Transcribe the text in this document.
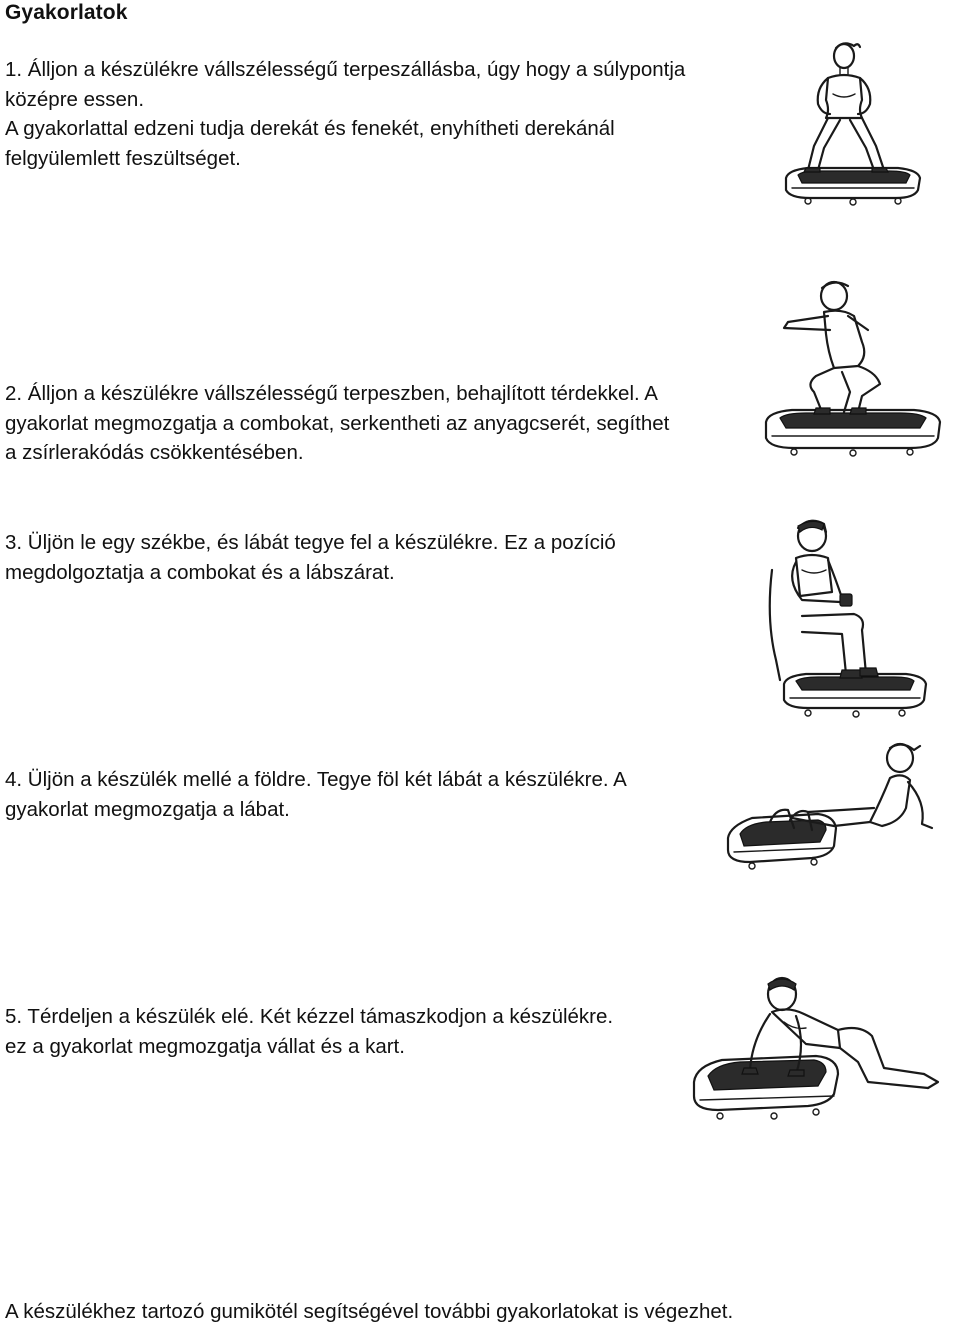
Gyakorlatok
1. Álljon a készülékre vállszélességű terpeszállásba, úgy hogy a súlypontja
középre essen.
A gyakorlattal edzeni tudja derekát és fenekét, enyhítheti derekánál
felgyülemlett feszültséget.
2. Álljon a készülékre vállszélességű terpeszben, behajlított térdekkel. A
gyakorlat megmozgatja a combokat, serkentheti az anyagcserét, segíthet
a zsírlerakódás csökkentésében.
3. Üljön le egy székbe, és lábát tegye fel a készülékre. Ez a pozíció
megdolgoztatja a combokat és a lábszárat.
4. Üljön a készülék mellé a földre. Tegye föl két lábát a készülékre. A
gyakorlat megmozgatja a lábat.
5. Térdeljen a készülék elé. Két kézzel támaszkodjon a készülékre.
ez a gyakorlat megmozgatja vállat és a kart.
A készülékhez tartozó gumikötél segítségével további gyakorlatokat is végezhet.
